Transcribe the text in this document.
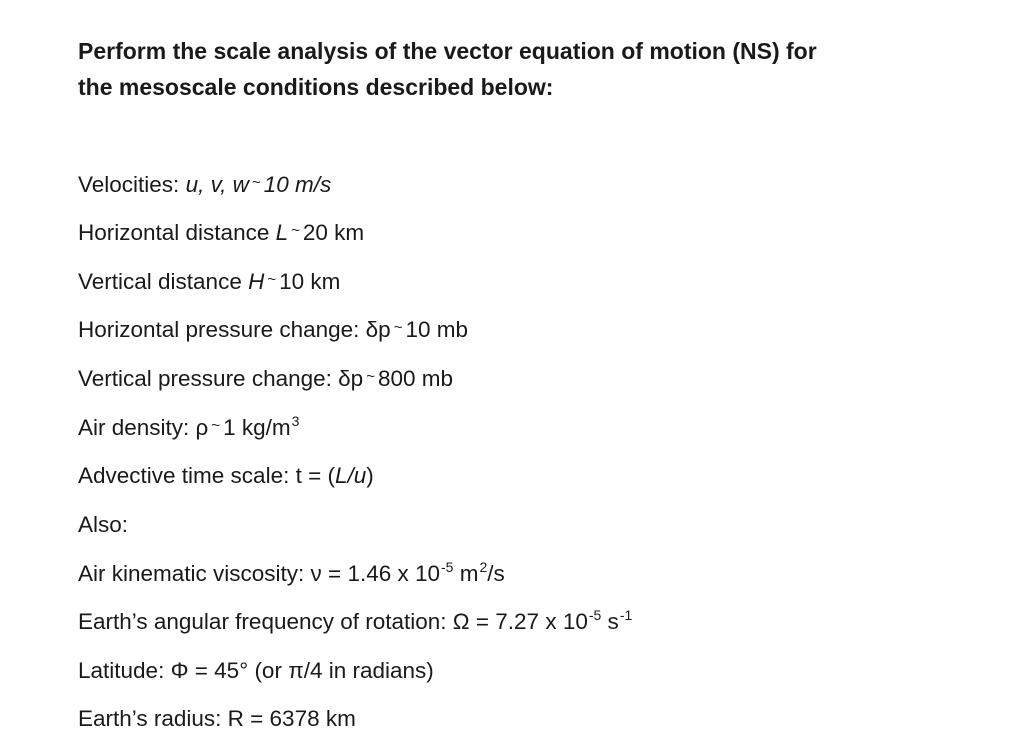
Perform the scale analysis of the vector equation of motion (NS) for
the mesoscale conditions described below:
Velocities: u, v, w ~ 10 m/s
Horizontal distance L ~ 20 km
Vertical distance H ~ 10 km
Horizontal pressure change: δp ~ 10 mb
Vertical pressure change: δp ~ 800 mb
Air density: ρ ~ 1 $kg/m^3$
Advective time scale: t = (L/u)
Also:
Air kinematic viscosity: ν = 1.46 x $10^{-5}$ $m^2/s$
Earth’s angular frequency of rotation: Ω = 7.27 x $10^{-5}$ $s^{-1}$
Latitude: Φ = 45° (or π/4 in radians)
Earth’s radius: R = 6378 km
